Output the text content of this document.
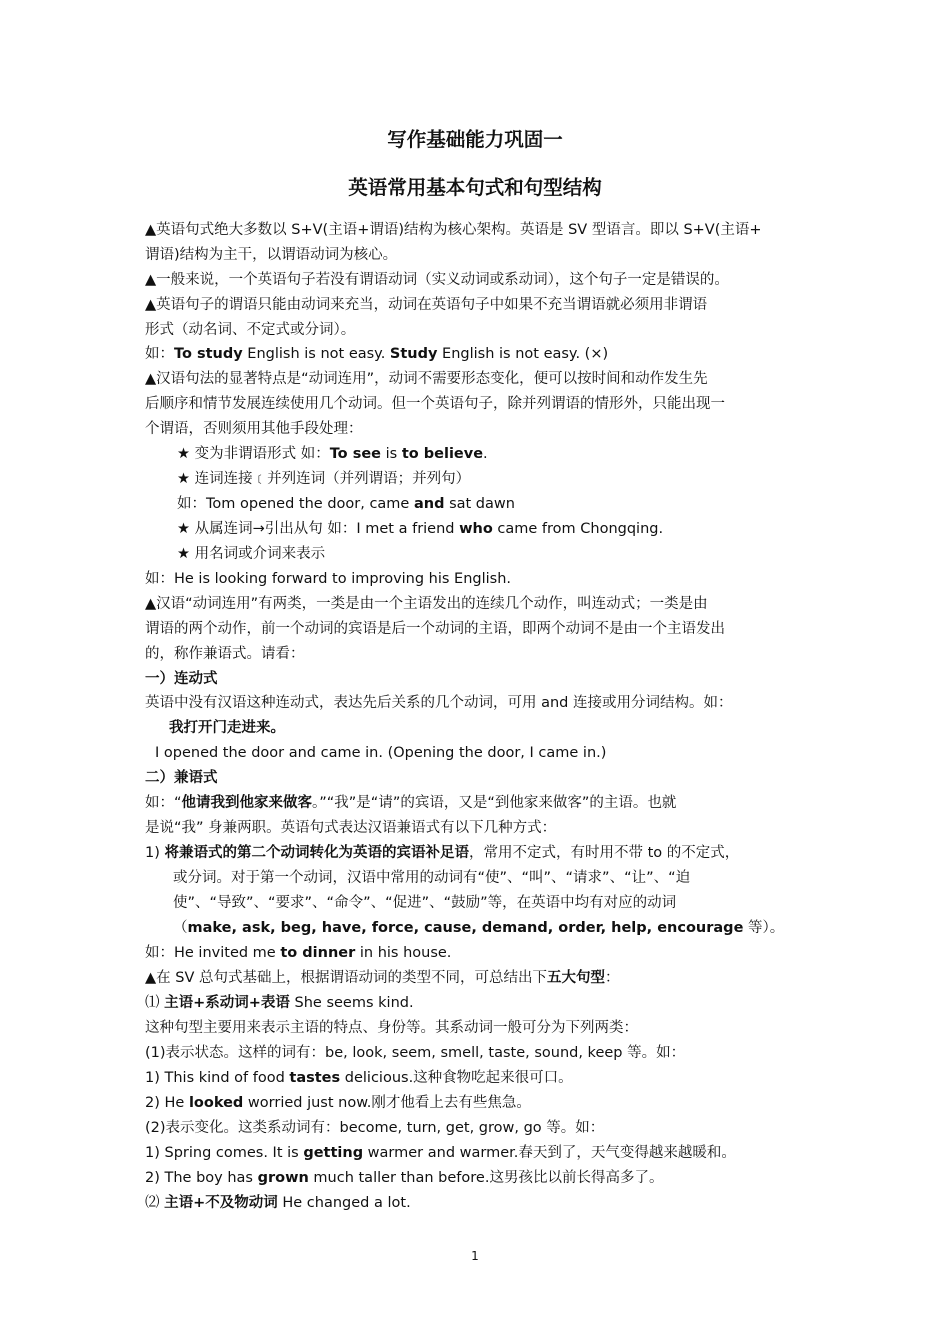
写作基础能力巩固一
英语常用基本句式和句型结构
▲英语句式绝大多数以 S+V(主语+谓语)结构为核心架构。英语是 SV 型语言。即以 S+V(主语+
谓语)结构为主干，以谓语动词为核心。
▲一般来说，一个英语句子若没有谓语动词（实义动词或系动词），这个句子一定是错误的。
▲英语句子的谓语只能由动词来充当，动词在英语句子中如果不充当谓语就必须用非谓语
形式（动名词、不定式或分词）。
如：To study English is not easy. Study English is not easy. (×)
▲汉语句法的显著特点是“动词连用”，动词不需要形态变化，便可以按时间和动作发生先
后顺序和情节发展连续使用几个动词。但一个英语句子，除并列谓语的情形外，只能出现一
个谓语，否则须用其他手段处理：
★ 变为非谓语形式 如：To see is to believe.
★ 连词连接﹝并列连词（并列谓语；并列句）
如：Tom opened the door, came and sat dawn
★ 从属连词→引出从句 如：I met a friend who came from Chongqing.
★ 用名词或介词来表示
如：He is looking forward to improving his English.
▲汉语“动词连用”有两类，一类是由一个主语发出的连续几个动作，叫连动式；一类是由
谓语的两个动作，前一个动词的宾语是后一个动词的主语，即两个动词不是由一个主语发出
的，称作兼语式。请看：
一）连动式
英语中没有汉语这种连动式，表达先后关系的几个动词，可用 and 连接或用分词结构。如：
我打开门走进来。
I opened the door and came in. (Opening the door, I came in.)
二）兼语式
如：“他请我到他家来做客。”“我”是“请”的宾语，又是“到他家来做客”的主语。也就
是说“我” 身兼两职。英语句式表达汉语兼语式有以下几种方式：
1) 将兼语式的第二个动词转化为英语的宾语补足语，常用不定式，有时用不带 to 的不定式，
或分词。对于第一个动词，汉语中常用的动词有“使”、“叫”、“请求”、“让”、“迫
使”、“导致”、“要求”、“命令”、“促进”、“鼓励”等，在英语中均有对应的动词
（make, ask, beg, have, force, cause, demand, order, help, encourage 等）。
如：He invited me to dinner in his house.
▲在 SV 总句式基础上，根据谓语动词的类型不同，可总结出下五大句型：
⑴ 主语+系动词+表语 She seems kind.
这种句型主要用来表示主语的特点、身份等。其系动词一般可分为下列两类：
(1)表示状态。这样的词有：be, look, seem, smell, taste, sound, keep 等。如：
1) This kind of food tastes delicious.这种食物吃起来很可口。
2) He looked worried just now.刚才他看上去有些焦急。
(2)表示变化。这类系动词有：become, turn, get, grow, go 等。如：
1) Spring comes. It is getting warmer and warmer.春天到了，天气变得越来越暖和。
2) The boy has grown much taller than before.这男孩比以前长得高多了。
⑵ 主语+不及物动词 He changed a lot.
1
